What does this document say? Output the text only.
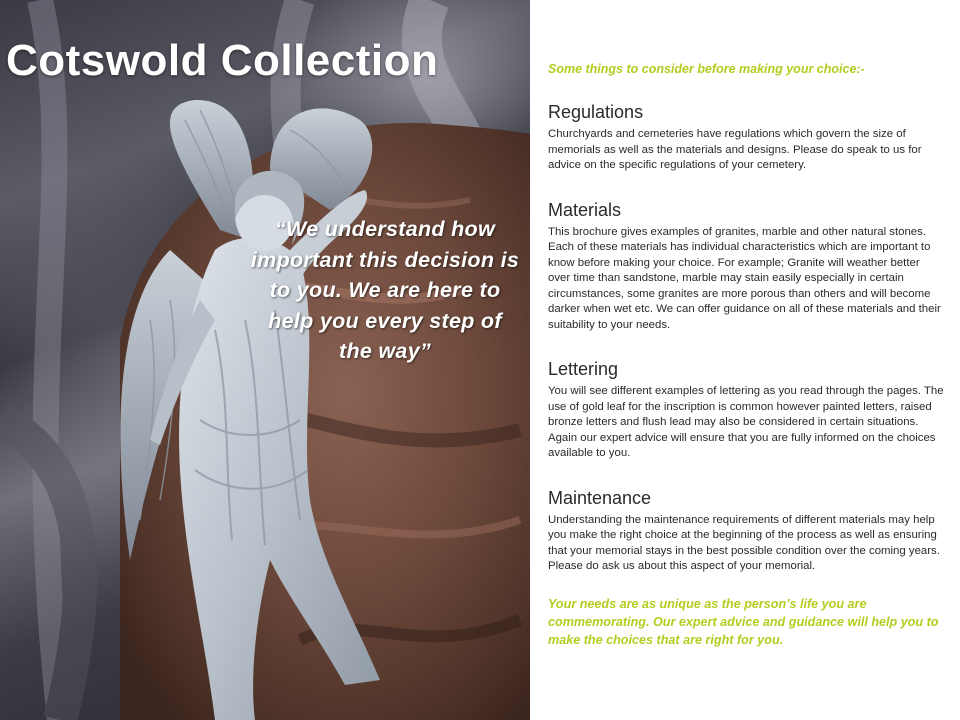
Cotswold Collection
“We understand how important this decision is to you. We are here to help you every step of the way”

Some things to consider before making your choice:-

Regulations

Churchyards and cemeteries have regulations which govern the size of memorials as well as the materials and designs. Please do speak to us for advice on the specific regulations of your cemetery.

Materials

This brochure gives examples of granites, marble and other natural stones. Each of these materials has individual characteristics which are important to know before making your choice. For example; Granite will weather better over time than sandstone, marble may stain easily especially in certain circumstances, some granites are more porous than others and will become darker when wet etc. We can offer guidance on all of these materials and their suitability to your needs.

Lettering

You will see different examples of lettering as you read through the pages. The use of gold leaf for the inscription is common however painted letters, raised bronze letters and flush lead may also be considered in certain situations. Again our expert advice will ensure that you are fully informed on the choices available to you.

Maintenance

Understanding the maintenance requirements of different materials may help you make the right choice at the beginning of the process as well as ensuring that your memorial stays in the best possible condition over the coming years. Please do ask us about this aspect of your memorial.

Your needs are as unique as the person’s life you are commemorating. Our expert advice and guidance will help you to make the choices that are right for you.
